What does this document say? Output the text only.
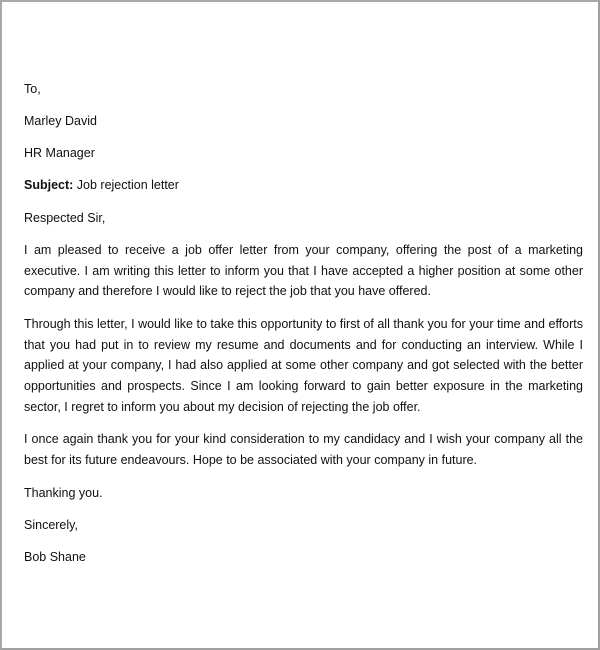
To,
Marley David
HR Manager
Subject: Job rejection letter
Respected Sir,
I am pleased to receive a job offer letter from your company, offering the post of a marketing executive. I am writing this letter to inform you that I have accepted a higher position at some other company and therefore I would like to reject the job that you have offered.
Through this letter, I would like to take this opportunity to first of all thank you for your time and efforts that you had put in to review my resume and documents and for conducting an interview. While I applied at your company, I had also applied at some other company and got selected with the better opportunities and prospects. Since I am looking forward to gain better exposure in the marketing sector, I regret to inform you about my decision of rejecting the job offer.
I once again thank you for your kind consideration to my candidacy and I wish your company all the best for its future endeavours. Hope to be associated with your company in future.
Thanking you.
Sincerely,
Bob Shane
